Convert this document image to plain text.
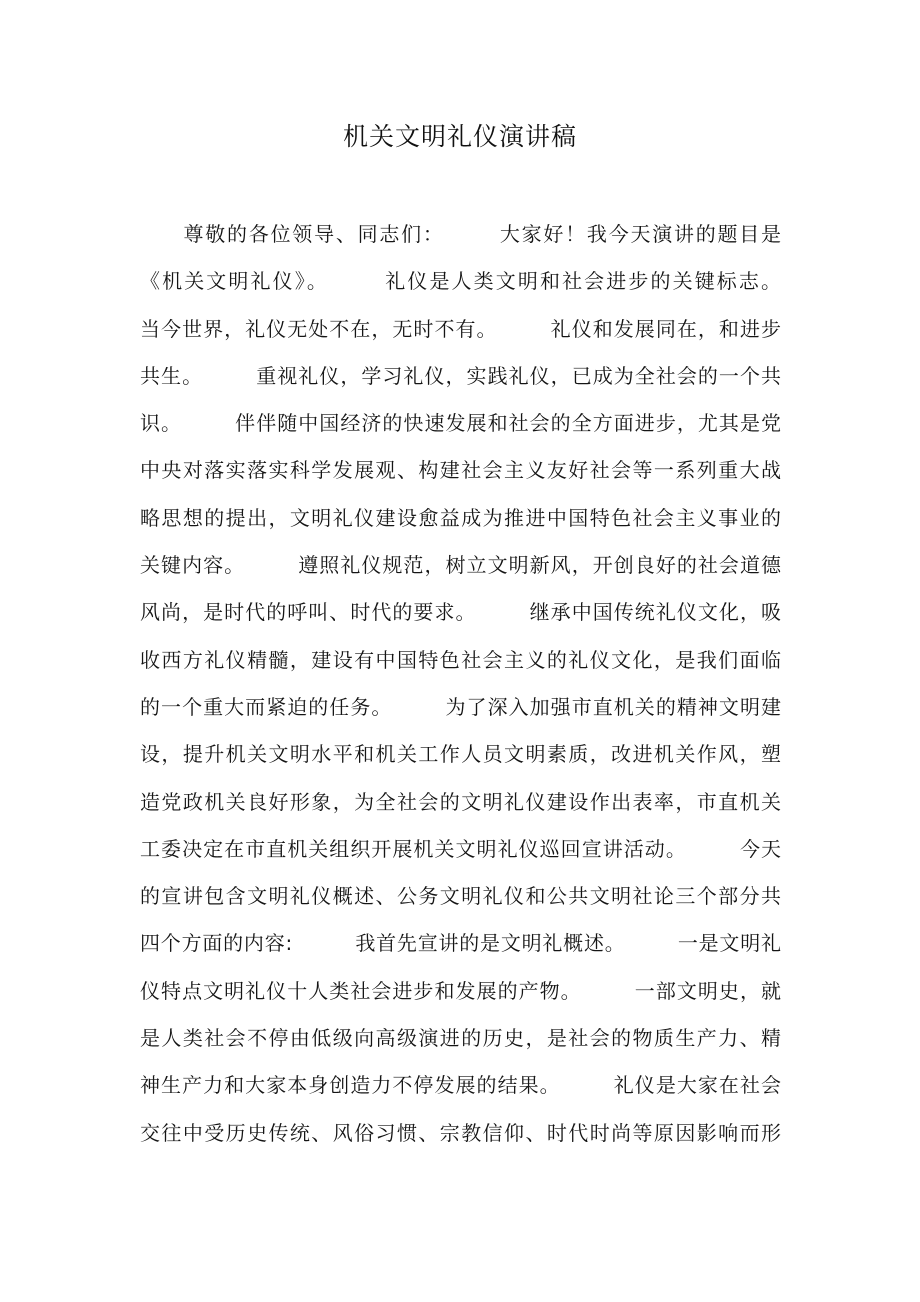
机关文明礼仪演讲稿
　　尊敬的各位领导、同志们：　　　大家好！我今天演讲的题目是
《机关文明礼仪》。　　　礼仪是人类文明和社会进步的关键标志。
当今世界，礼仪无处不在，无时不有。　　　礼仪和发展同在，和进步
共生。　　　重视礼仪，学习礼仪，实践礼仪，已成为全社会的一个共
识。　　　伴伴随中国经济的快速发展和社会的全方面进步，尤其是党
中央对落实落实科学发展观、构建社会主义友好社会等一系列重大战
略思想的提出，文明礼仪建设愈益成为推进中国特色社会主义事业的
关键内容。　　　遵照礼仪规范，树立文明新风，开创良好的社会道德
风尚，是时代的呼叫、时代的要求。　　　继承中国传统礼仪文化，吸
收西方礼仪精髓，建设有中国特色社会主义的礼仪文化，是我们面临
的一个重大而紧迫的任务。　　　为了深入加强市直机关的精神文明建
设，提升机关文明水平和机关工作人员文明素质，改进机关作风，塑
造党政机关良好形象，为全社会的文明礼仪建设作出表率，市直机关
工委决定在市直机关组织开展机关文明礼仪巡回宣讲活动。　　　今天
的宣讲包含文明礼仪概述、公务文明礼仪和公共文明社论三个部分共
四个方面的内容:　　　我首先宣讲的是文明礼概述。　　　一是文明礼
仪特点文明礼仪十人类社会进步和发展的产物。　　　一部文明史，就
是人类社会不停由低级向高级演进的历史，是社会的物质生产力、精
神生产力和大家本身创造力不停发展的结果。　　　礼仪是大家在社会
交往中受历史传统、风俗习惯、宗教信仰、时代时尚等原因影响而形
